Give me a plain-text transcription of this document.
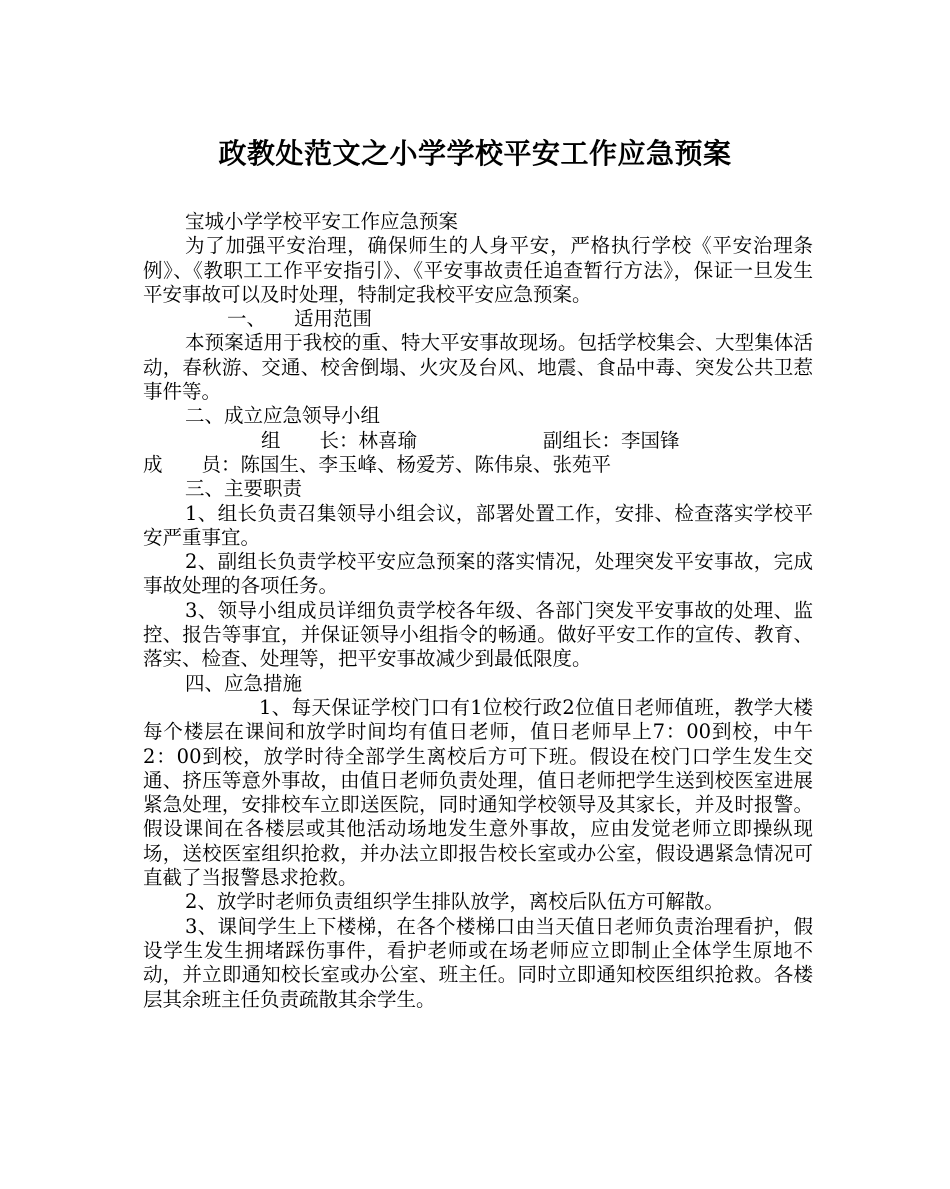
政教处范文之小学学校平安工作应急预案

宝城小学学校平安工作应急预案

为了加强平安治理，确保师生的人身平安，严格执行学校《平安治理条例》、《教职工工作平安指引》、《平安事故责任追查暂行方法》，保证一旦发生平安事故可以及时处理，特制定我校平安应急预案。

一、 适用范围

本预案适用于我校的重、特大平安事故现场。包括学校集会、大型集体活动，春秋游、交通、校舍倒塌、火灾及台风、地震、食品中毒、突发公共卫惹事件等。

二、成立应急领导小组

组　　长：林喜瑜	副组长：李国锋

成　　员：陈国生、李玉峰、杨爱芳、陈伟泉、张苑平

三、主要职责

1、组长负责召集领导小组会议，部署处置工作，安排、检查落实学校平安严重事宜。

2、副组长负责学校平安应急预案的落实情况，处理突发平安事故，完成事故处理的各项任务。

3、领导小组成员详细负责学校各年级、各部门突发平安事故的处理、监控、报告等事宜，并保证领导小组指令的畅通。做好平安工作的宣传、教育、落实、检查、处理等，把平安事故减少到最低限度。

四、应急措施

1、每天保证学校门口有1位校行政2位值日老师值班，教学大楼每个楼层在课间和放学时间均有值日老师，值日老师早上7：00到校，中午2：00到校，放学时待全部学生离校后方可下班。假设在校门口学生发生交通、挤压等意外事故，由值日老师负责处理，值日老师把学生送到校医室进展紧急处理，安排校车立即送医院，同时通知学校领导及其家长，并及时报警。假设课间在各楼层或其他活动场地发生意外事故，应由发觉老师立即操纵现场，送校医室组织抢救，并办法立即报告校长室或办公室，假设遇紧急情况可直截了当报警恳求抢救。

2、放学时老师负责组织学生排队放学，离校后队伍方可解散。

3、课间学生上下楼梯，在各个楼梯口由当天值日老师负责治理看护，假设学生发生拥堵踩伤事件，看护老师或在场老师应立即制止全体学生原地不动，并立即通知校长室或办公室、班主任。同时立即通知校医组织抢救。各楼层其余班主任负责疏散其余学生。
